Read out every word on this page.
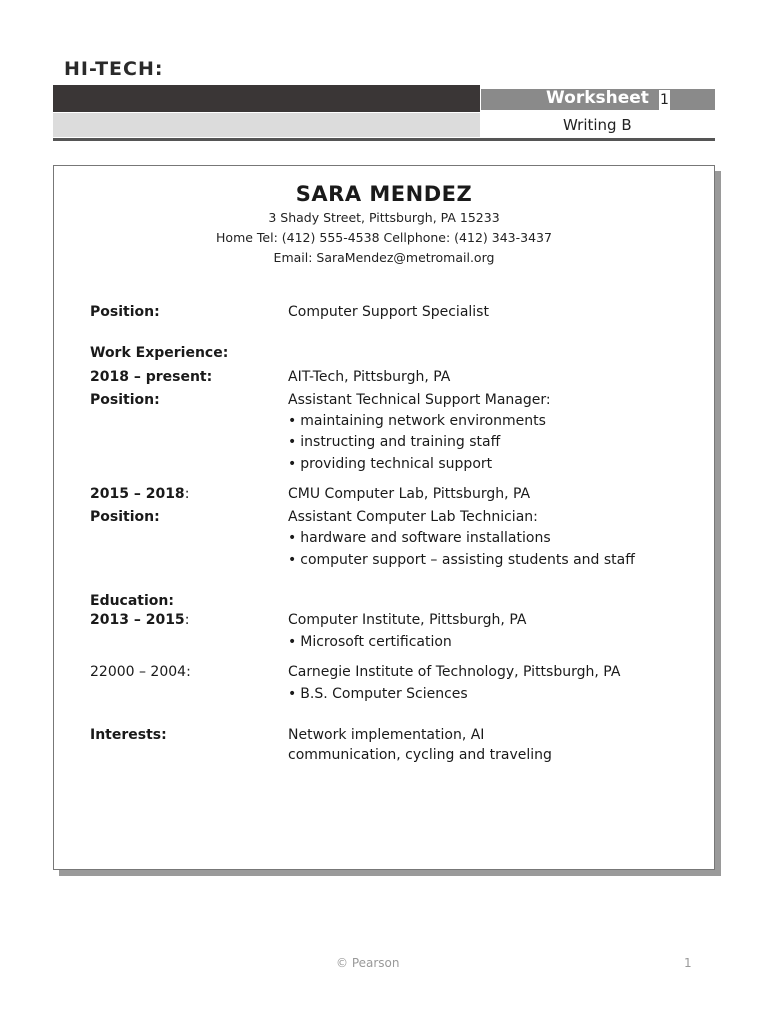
HI-TECH:
Worksheet 1
Writing B
SARA MENDEZ
3 Shady Street, Pittsburgh, PA 15233
Home Tel: (412) 555-4538 Cellphone: (412) 343-3437
Email: SaraMendez@metromail.org
Position:	Computer Support Specialist
Work Experience:
2018 – present:	AIT-Tech, Pittsburgh, PA
Position:	Assistant Technical Support Manager:
• maintaining network environments
• instructing and training staff
• providing technical support
2015 – 2018:	CMU Computer Lab, Pittsburgh, PA
Position:	Assistant Computer Lab Technician:
• hardware and software installations
• computer support – assisting students and staff
Education:
2013 – 2015:	Computer Institute, Pittsburgh, PA
• Microsoft certification
22000 – 2004:	Carnegie Institute of Technology, Pittsburgh, PA
• B.S. Computer Sciences
Interests:	Network implementation, AI
communication, cycling and traveling
© Pearson	1
